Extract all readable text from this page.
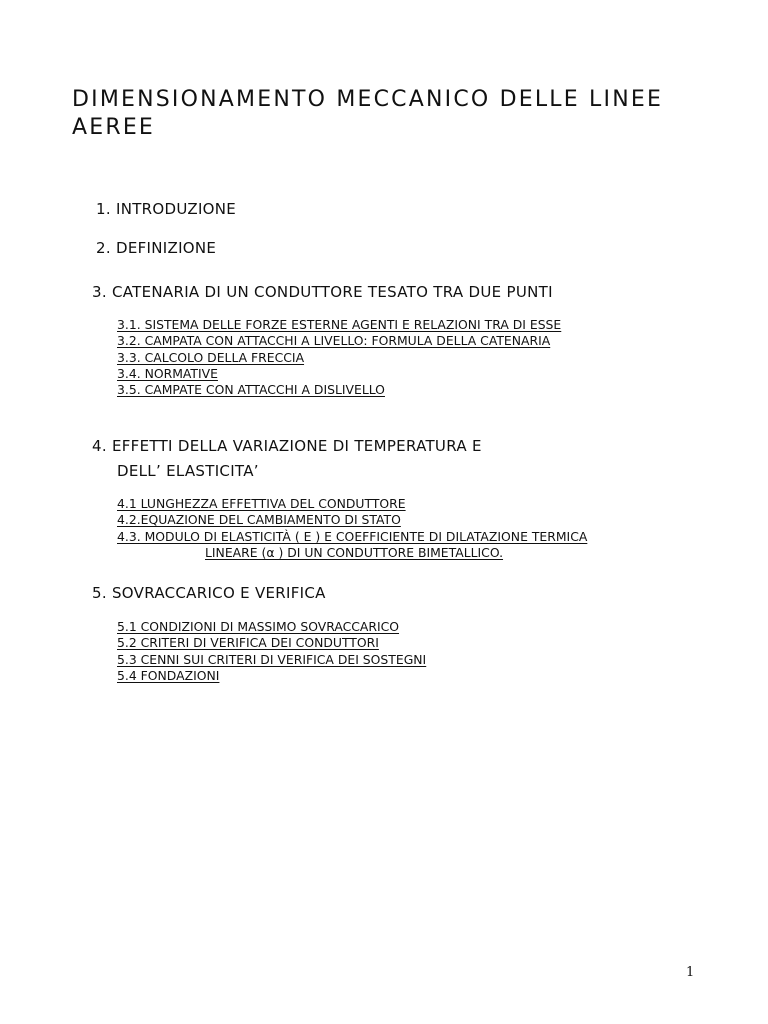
DIMENSIONAMENTO MECCANICO DELLE LINEE
AEREE
1. INTRODUZIONE
2. DEFINIZIONE
3. CATENARIA DI UN CONDUTTORE TESATO TRA DUE PUNTI
3.1. SISTEMA DELLE FORZE ESTERNE AGENTI E RELAZIONI TRA DI ESSE
3.2. CAMPATA CON ATTACCHI A LIVELLO: FORMULA DELLA CATENARIA
3.3. CALCOLO DELLA FRECCIA
3.4. NORMATIVE
3.5. CAMPATE CON ATTACCHI A DISLIVELLO
4. EFFETTI DELLA VARIAZIONE DI TEMPERATURA E
DELL’ ELASTICITA’
4.1 LUNGHEZZA EFFETTIVA DEL CONDUTTORE
4.2.EQUAZIONE DEL CAMBIAMENTO DI STATO
4.3. MODULO DI ELASTICITÀ ( E ) E COEFFICIENTE DI DILATAZIONE TERMICA
LINEARE (α ) DI UN CONDUTTORE BIMETALLICO.
5. SOVRACCARICO E VERIFICA
5.1 CONDIZIONI DI MASSIMO SOVRACCARICO
5.2 CRITERI DI VERIFICA DEI CONDUTTORI
5.3 CENNI SUI CRITERI DI VERIFICA DEI SOSTEGNI
5.4 FONDAZIONI
1
